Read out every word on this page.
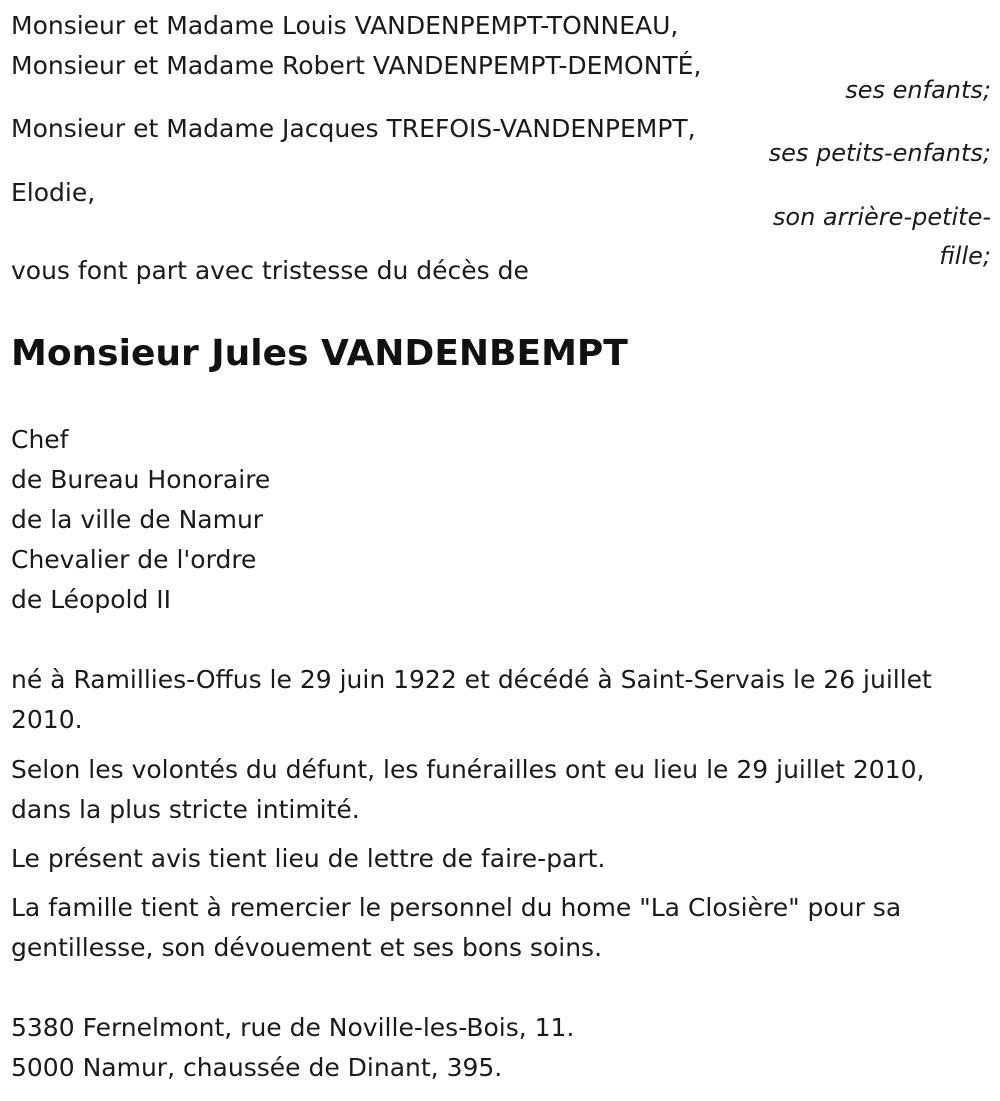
Monsieur et Madame Louis VANDENPEMPT-TONNEAU,
Monsieur et Madame Robert VANDENPEMPT-DEMONTÉ,
ses enfants;
Monsieur et Madame Jacques TREFOIS-VANDENPEMPT,
ses petits-enfants;
Elodie,
son arrière-petite-
fille;
vous font part avec tristesse du décès de
Monsieur Jules VANDENBEMPT
Chef
de Bureau Honoraire
de la ville de Namur
Chevalier de l'ordre
de Léopold II
né à Ramillies-Offus le 29 juin 1922 et décédé à Saint-Servais le 26 juillet
2010.
Selon les volontés du défunt, les funérailles ont eu lieu le 29 juillet 2010,
dans la plus stricte intimité.
Le présent avis tient lieu de lettre de faire-part.
La famille tient à remercier le personnel du home "La Closière" pour sa
gentillesse, son dévouement et ses bons soins.
5380 Fernelmont, rue de Noville-les-Bois, 11.
5000 Namur, chaussée de Dinant, 395.
